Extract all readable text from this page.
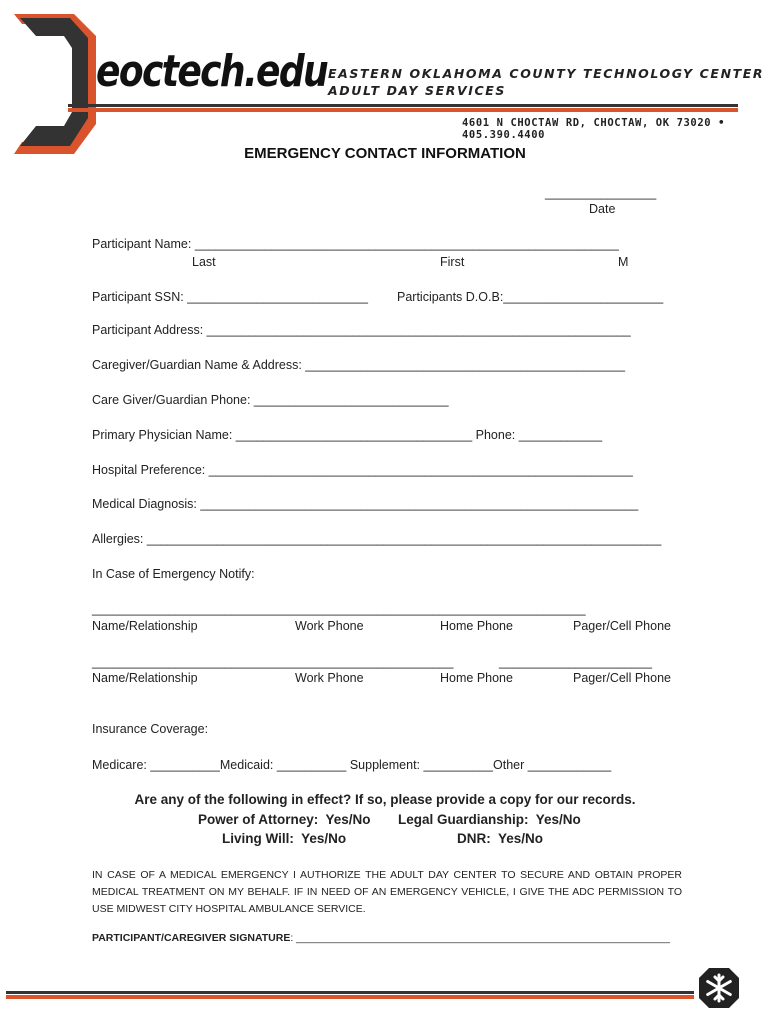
eoctech.edu EASTERN OKLAHOMA COUNTY TECHNOLOGY CENTER
ADULT DAY SERVICES
4601 N CHOCTAW RD, CHOCTAW, OK 73020 • 405.390.4400
EMERGENCY CONTACT INFORMATION
________________
Date
Participant Name: _____________________________________________________________
Last	First	M
Participant SSN: __________________________ Participants D.O.B:_______________________
Participant Address: _____________________________________________________________
Caregiver/Guardian Name & Address: ______________________________________________
Care Giver/Guardian Phone: ____________________________
Primary Physician Name: __________________________________ Phone: ____________
Hospital Preference: _____________________________________________________________
Medical Diagnosis: _______________________________________________________________
Allergies: __________________________________________________________________________
In Case of Emergency Notify:
_______________________________________________________________________
Name/Relationship	Work Phone	Home Phone	Pager/Cell Phone
____________________________________________________	______________________
Name/Relationship	Work Phone	Home Phone	Pager/Cell Phone
Insurance Coverage:
Medicare: __________Medicaid: __________ Supplement: __________Other ____________
Are any of the following in effect? If so, please provide a copy for our records.
Power of Attorney:  Yes/No Legal Guardianship:  Yes/No
Living Will:  Yes/No	DNR:  Yes/No
IN CASE OF A MEDICAL EMERGENCY I AUTHORIZE THE ADULT DAY CENTER TO SECURE AND OBTAIN PROPER MEDICAL TREATMENT ON MY BEHALF. IF IN NEED OF AN EMERGENCY VEHICLE, I GIVE THE ADC PERMISSION TO USE MIDWEST CITY HOSPITAL AMBULANCE SERVICE.
PARTICIPANT/CAREGIVER SIGNATURE: ________________________________________________________________
